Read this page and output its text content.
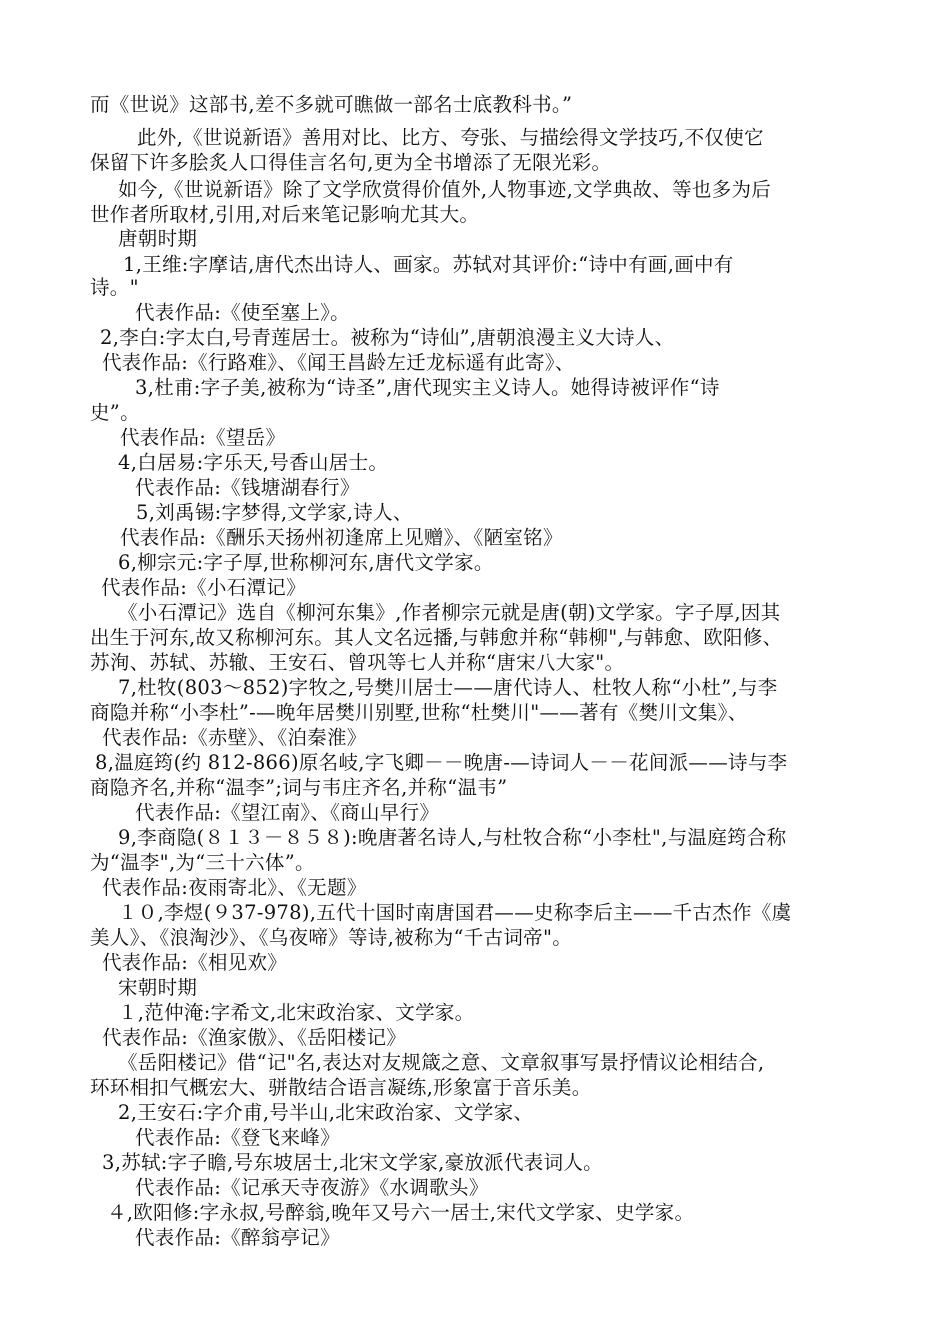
而《世说》这部书,差不多就可瞧做一部名士底教科书。”
此外,《世说新语》善用对比、比方、夸张、与描绘得文学技巧,不仅使它
保留下许多脍炙人口得佳言名句,更为全书增添了无限光彩。
如今,《世说新语》除了文学欣赏得价值外,人物事迹,文学典故、等也多为后
世作者所取材,引用,对后来笔记影响尤其大。
唐朝时期
1,王维:字摩诘,唐代杰出诗人、画家。苏轼对其评价:“诗中有画,画中有
诗。"
代表作品:《使至塞上》。
2,李白:字太白,号青莲居士。被称为“诗仙”,唐朝浪漫主义大诗人、
代表作品:《行路难》、《闻王昌龄左迁龙标遥有此寄》、
3,杜甫:字子美,被称为“诗圣”,唐代现实主义诗人。她得诗被评作“诗
史”。
代表作品:《望岳》
4,白居易:字乐天,号香山居士。
代表作品:《钱塘湖春行》
5,刘禹锡:字梦得,文学家,诗人、
代表作品:《酬乐天扬州初逢席上见赠》、《陋室铭》
6,柳宗元:字子厚,世称柳河东,唐代文学家。
代表作品:《小石潭记》
《小石潭记》选自《柳河东集》,作者柳宗元就是唐(朝)文学家。字子厚,因其
出生于河东,故又称柳河东。其人文名远播,与韩愈并称“韩柳",与韩愈、欧阳修、
苏洵、苏轼、苏辙、王安石、曾巩等七人并称“唐宋八大家"。
7,杜牧(803～852)字牧之,号樊川居士——唐代诗人、杜牧人称“小杜”,与李
商隐并称“小李杜”-—晚年居樊川别墅,世称“杜樊川"——著有《樊川文集》、
代表作品:《赤壁》、《泊秦淮》
8,温庭筠(约 812-866)原名岐,字飞卿－－晚唐-—诗词人－－花间派——诗与李
商隐齐名,并称“温李”;词与韦庄齐名,并称“温韦”
代表作品:《望江南》、《商山早行》
9,李商隐(８１３－８５８):晚唐著名诗人,与杜牧合称“小李杜",与温庭筠合称
为“温李",为“三十六体”。
代表作品:夜雨寄北》、《无题》
１０,李煜(９37-978),五代十国时南唐国君——史称李后主——千古杰作《虞
美人》、《浪淘沙》、《乌夜啼》等诗,被称为“千古词帝"。
代表作品:《相见欢》
宋朝时期
１,范仲淹:字希文,北宋政治家、文学家。
代表作品:《渔家傲》、《岳阳楼记》
《岳阳楼记》借“记"名,表达对友规箴之意、文章叙事写景抒情议论相结合,
环环相扣气概宏大、骈散结合语言凝练,形象富于音乐美。
2,王安石:字介甫,号半山,北宋政治家、文学家、
代表作品:《登飞来峰》
3,苏轼:字子瞻,号东坡居士,北宋文学家,豪放派代表词人。
代表作品:《记承天寺夜游》《水调歌头》
４,欧阳修:字永叔,号醉翁,晚年又号六一居士,宋代文学家、史学家。
代表作品:《醉翁亭记》
